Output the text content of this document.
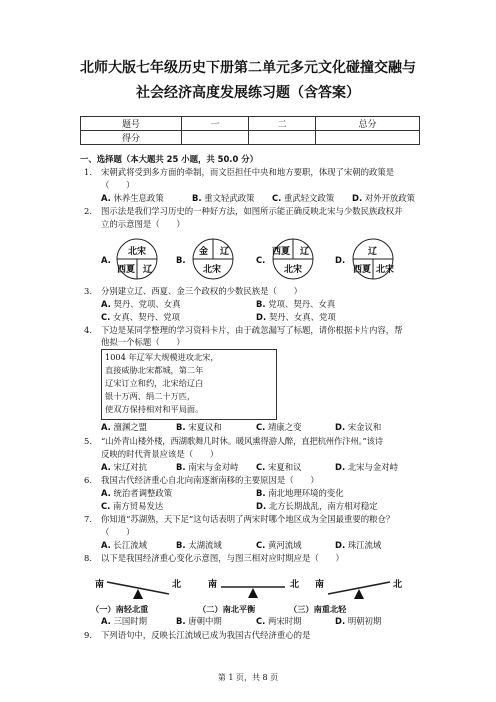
北师大版七年级历史下册第二单元多元文化碰撞交融与
社会经济高度发展练习题（含答案）
题号	一	二	总分
得分			
一、选择题（本大题共 25 小题，共 50.0 分）
1. 宋朝武将受到多方面的牵制，而文臣担任中央和地方要职，体现了宋朝的政策是
（　　）
A. 休养生息政策	B. 重文轻武政策 C. 重武轻文政策 D. 对外开放政策
2. 图示法是我们学习历史的一种好方法，如图所示能正确反映北宋与少数民族政权并
立的示意图是（　　）
A.
北宋
西夏 辽
B.
金 辽
北宋
C.
西夏 辽
北宋
D.
辽
西夏 北宋
3. 分别建立辽、西夏、金三个政权的少数民族是（　　）
A. 契丹、党项、女真	B. 党项、契丹、女真
C. 女真、契丹、党项	D. 契丹、女真、党项
4. 下边是某同学整理的学习资料卡片，由于疏忽漏写了标题，请你根据卡片内容，帮
他拟一个标题（　　）
1004 年辽军大规模进攻北宋，
直接威胁北宋都城，第二年
辽宋订立和约，北宋给辽白
银十万两、绢二十万匹，
使双方保持相对和平局面。
A. 澶渊之盟	B. 宋夏议和	C. 靖康之变	D. 宋金议和
5. “山外青山楼外楼，西湖歌舞几时休。暖风熏得游人醉，直把杭州作汴州。”该诗
反映的时代背景应该是（　　）
A. 宋辽对抗	B. 南宋与金对峙 C. 宋夏和议	D. 北宋与金对峙
6. 我国古代经济重心自北向南逐渐南移的主要原因是（　　）
A. 统治者调整政策	B. 南北地理环境的变化
C. 南方贸易发达	D. 北方长期战乱，南方相对稳定
7. 你知道“苏湖熟，天下足”这句话表明了两宋时哪个地区成为全国最重要的粮仓？
（　　）
A. 长江流域	B. 太湖流域	C. 黄河流域	D. 珠江流域
8. 以下是我国经济重心变化示意图，与图三相对应时期应是（　　）
南	北
（一）南轻北重
南	北
（二）南北平衡
南	北
（三）南重北轻
A. 三国时期	B. 唐朝中期	C. 两宋时期	D. 明朝初期
9. 下列语句中，反映长江流域已成为我国古代经济重心的是
第 1 页，共 8 页
